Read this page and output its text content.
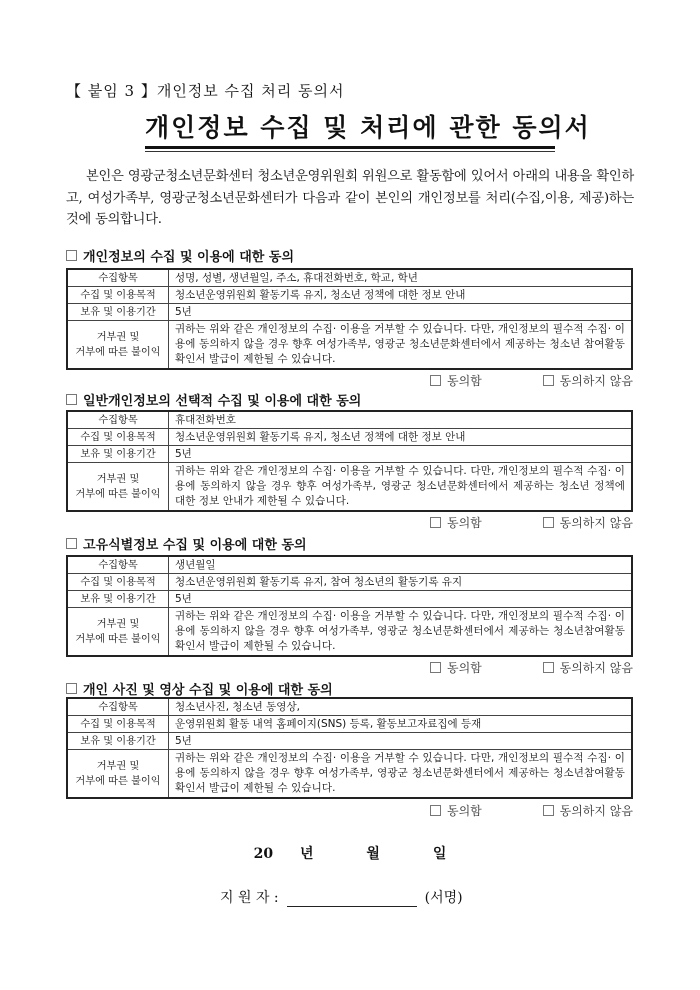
【 붙임 3 】개인정보 수집 처리 동의서
개인정보 수집 및 처리에 관한 동의서
본인은 영광군청소년문화센터 청소년운영위원회 위원으로 활동함에 있어서 아래의 내용을 확인하고, 여성가족부, 영광군청소년문화센터가 다음과 같이 본인의 개인정보를 처리(수집,이용, 제공)하는 것에 동의합니다.
개인정보의 수집 및 이용에 대한 동의
수집항목	성명, 성별, 생년월일, 주소, 휴대전화번호, 학교, 학년
수집 및 이용목적	청소년운영위원회 활동기록 유지, 청소년 정책에 대한 정보 안내
보유 및 이용기간	5년

거부권 및
거부에 따른 불이익	귀하는 위와 같은 개인정보의 수집· 이용을 거부할 수 있습니다. 다만, 개인정보의 필수적 수집· 이용에 동의하지 않을 경우 향후 여성가족부, 영광군 청소년문화센터에서 제공하는 청소년 참여활동 확인서 발급이 제한될 수 있습니다.
동의함	동의하지 않음
일반개인정보의 선택적 수집 및 이용에 대한 동의
수집항목	휴대전화번호
수집 및 이용목적	청소년운영위원회 활동기록 유지, 청소년 정책에 대한 정보 안내
보유 및 이용기간	5년

거부권 및
거부에 따른 불이익	귀하는 위와 같은 개인정보의 수집· 이용을 거부할 수 있습니다. 다만, 개인정보의 필수적 수집· 이용에 동의하지 않을 경우 향후 여성가족부, 영광군 청소년문화센터에서 제공하는 청소년 정책에 대한 정보 안내가 제한될 수 있습니다.
동의함	동의하지 않음
고유식별정보 수집 및 이용에 대한 동의
수집항목	생년월일
수집 및 이용목적	청소년운영위원회 활동기록 유지, 참여 청소년의 활동기록 유지
보유 및 이용기간	5년

거부권 및
거부에 따른 불이익	귀하는 위와 같은 개인정보의 수집· 이용을 거부할 수 있습니다. 다만, 개인정보의 필수적 수집· 이용에 동의하지 않을 경우 향후 여성가족부, 영광군 청소년문화센터에서 제공하는 청소년참여활동 확인서 발급이 제한될 수 있습니다.
동의함	동의하지 않음
개인 사진 및 영상 수집 및 이용에 대한 동의
수집항목	청소년사진, 청소년 동영상,
수집 및 이용목적	운영위원회 활동 내역 홈페이지(SNS) 등록, 활동보고자료집에 등재
보유 및 이용기간	5년

거부권 및
거부에 따른 불이익	귀하는 위와 같은 개인정보의 수집· 이용을 거부할 수 있습니다. 다만, 개인정보의 필수적 수집· 이용에 동의하지 않을 경우 향후 여성가족부, 영광군 청소년문화센터에서 제공하는 청소년참여활동 확인서 발급이 제한될 수 있습니다.
동의함	동의하지 않음
20 년	월	일
지 원 자 :	(서명)
